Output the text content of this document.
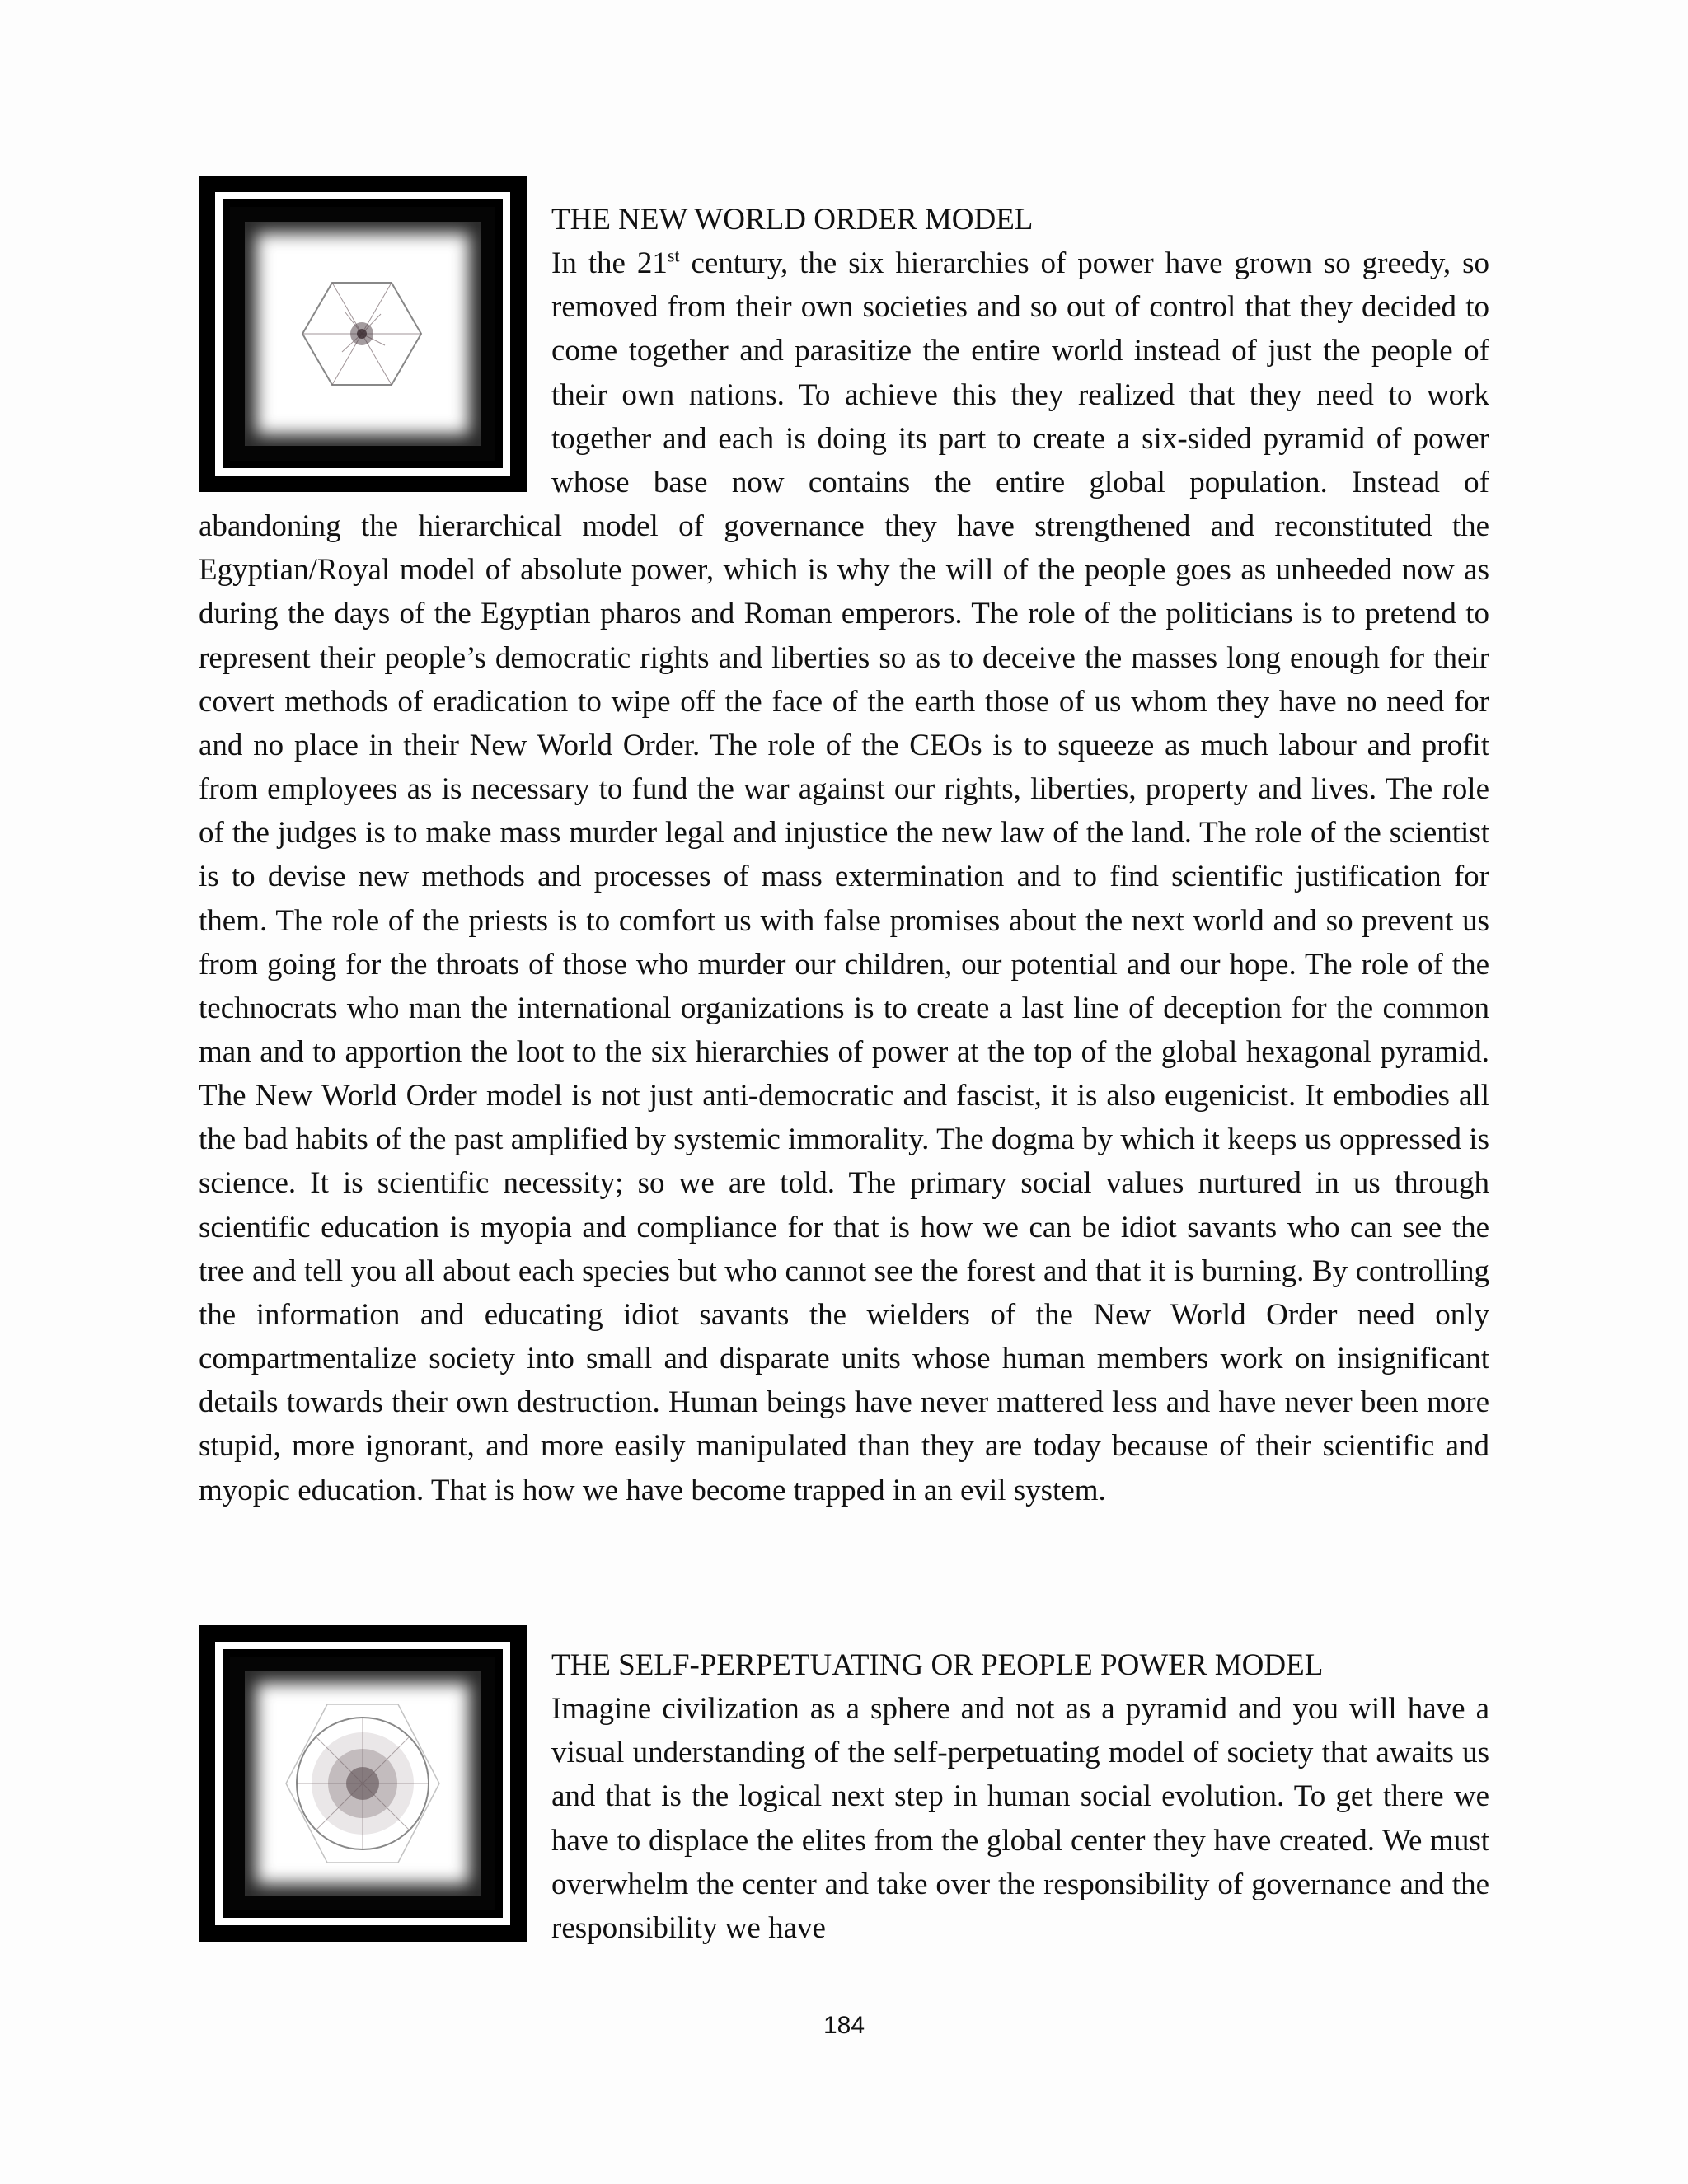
THE NEW WORLD ORDER MODEL
In the 21st century, the six hierarchies of power have grown so greedy, so removed from their own societies and so out of control that they decided to come together and parasitize the entire world instead of just the people of their own nations. To achieve this they realized that they need to work together and each is doing its part to create a six-sided pyramid of power whose base now contains the entire global population. Instead of abandoning the hierarchical model of governance they have strengthened and reconstituted the Egyptian/Royal model of absolute power, which is why the will of the people goes as unheeded now as during the days of the Egyptian pharos and Roman emperors. The role of the politicians is to pretend to represent their people’s democratic rights and liberties so as to deceive the masses long enough for their covert methods of eradication to wipe off the face of the earth those of us whom they have no need for and no place in their New World Order. The role of the CEOs is to squeeze as much labour and profit from employees as is necessary to fund the war against our rights, liberties, property and lives. The role of the judges is to make mass murder legal and injustice the new law of the land. The role of the scientist is to devise new methods and processes of mass extermination and to find scientific justification for them. The role of the priests is to comfort us with false promises about the next world and so prevent us from going for the throats of those who murder our children, our potential and our hope. The role of the technocrats who man the international organizations is to create a last line of deception for the common man and to apportion the loot to the six hierarchies of power at the top of the global hexagonal pyramid. The New World Order model is not just anti-democratic and fascist, it is also eugenicist. It embodies all the bad habits of the past amplified by systemic immorality. The dogma by which it keeps us oppressed is science. It is scientific necessity; so we are told. The primary social values nurtured in us through scientific education is myopia and compliance for that is how we can be idiot savants who can see the tree and tell you all about each species but who cannot see the forest and that it is burning. By controlling the information and educating idiot savants the wielders of the New World Order need only compartmentalize society into small and disparate units whose human members work on insignificant details towards their own destruction. Human beings have never mattered less and have never been more stupid, more ignorant, and more easily manipulated than they are today because of their scientific and myopic education. That is how we have become trapped in an evil system.
THE SELF-PERPETUATING OR PEOPLE POWER MODEL
Imagine civilization as a sphere and not as a pyramid and you will have a visual understanding of the self-perpetuating model of society that awaits us and that is the logical next step in human social evolution. To get there we have to displace the elites from the global center they have created. We must overwhelm the center and take over the responsibility of governance and the responsibility we have
184
